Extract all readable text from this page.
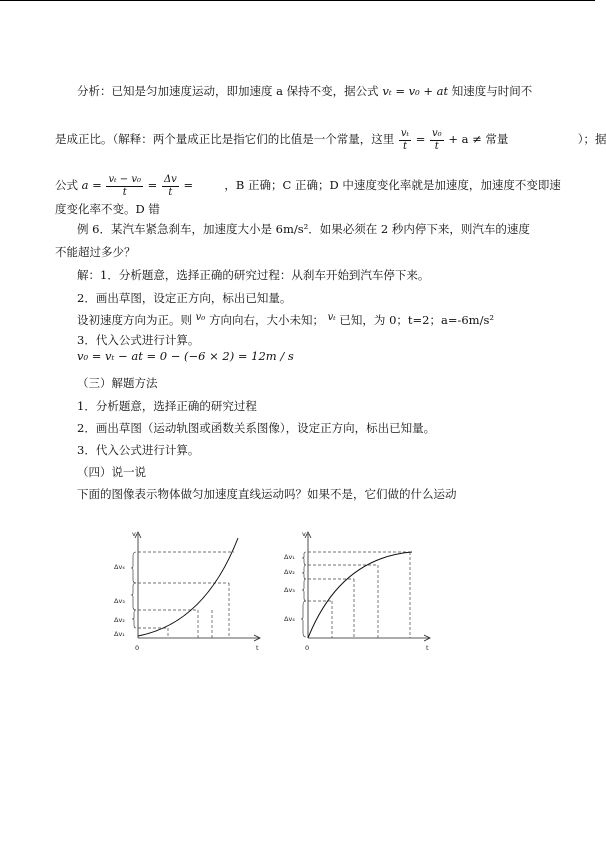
分析：已知是匀加速度运动，即加速度 a 保持不变，据公式 vₜ = v₀ + at 知速度与时间不
是成正比。（解释：两个量成正比是指它们的比值是一个常量，这里 $\frac{\text{vₜ}}{t} = \frac{\text{v₀}}{t} + a$ ≠ 常量	）；据
公式 $a = \frac{\text{vₜ − v₀}}{t} = \frac{\Delta v}{t}$ =	，B 正确；C 正确；D 中速度变化率就是加速度，加速度不变即速
度变化率不变。D 错
例 6．某汽车紧急刹车，加速度大小是 6m/s²．如果必须在 2 秒内停下来，则汽车的速度
不能超过多少？
解：1．分析题意，选择正确的研究过程：从刹车开始到汽车停下来。
2．画出草图，设定正方向，标出已知量。
设初速度方向为正。则 v₀ 方向向右，大小未知； vₜ 已知，为 0；t=2；a=-6m/s²
3．代入公式进行计算。
v₀ = vₜ − at = 0 − (−6 × 2) = 12m / s
（三）解题方法
1．分析题意，选择正确的研究过程
2．画出草图（运动轨图或函数关系图像），设定正方向，标出已知量。
3．代入公式进行计算。
（四）说一说
下面的图像表示物体做匀加速度直线运动吗？如果不是，它们做的什么运动
Δv₄
Δv₃
Δv₂
Δv₁
v
t
0
Δv₁
Δv₂
Δv₃
Δv₄
v
t
0
